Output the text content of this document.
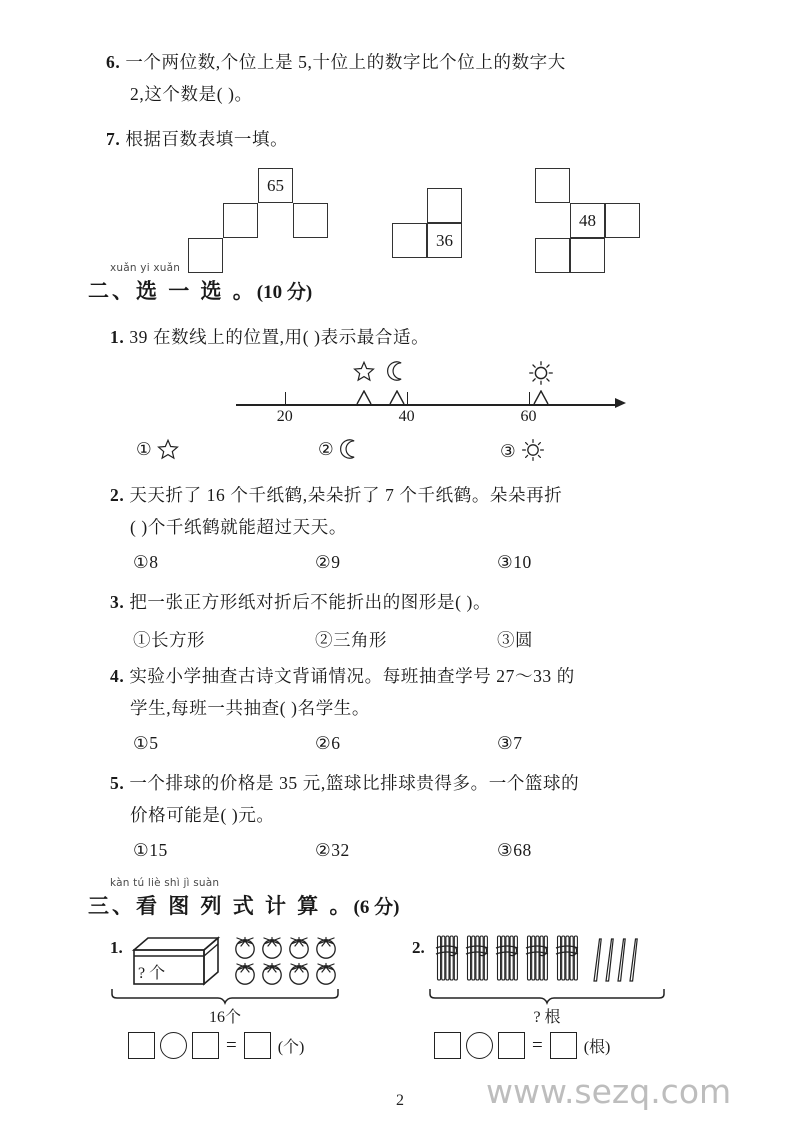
6. 一个两位数,个位上是 5,十位上的数字比个位上的数字大
2,这个数是( )。
7. 根据百数表填一填。
65
36
48
xuǎn yi xuǎn
二、选 一 选 。(10 分)
1. 39 在数线上的位置,用( )表示最合适。
20	40	60
①	②	③
2. 天天折了 16 个千纸鹤,朵朵折了 7 个千纸鹤。朵朵再折
( )个千纸鹤就能超过天天。
①8	②9	③10
3. 把一张正方形纸对折后不能折出的图形是( )。
①长方形	②三角形	③圆
4. 实验小学抽查古诗文背诵情况。每班抽查学号 27～33 的
学生,每班一共抽查( )名学生。
①5	②6	③7
5. 一个排球的价格是 35 元,篮球比排球贵得多。一个篮球的
价格可能是( )元。
①15	②32	③68
kàn tú liè shì jì suàn
三、看 图 列 式 计 算 。(6 分)
1.
? 个
16个
=	(个)
2.
? 根
=	(根)
www.sezq.com
2
